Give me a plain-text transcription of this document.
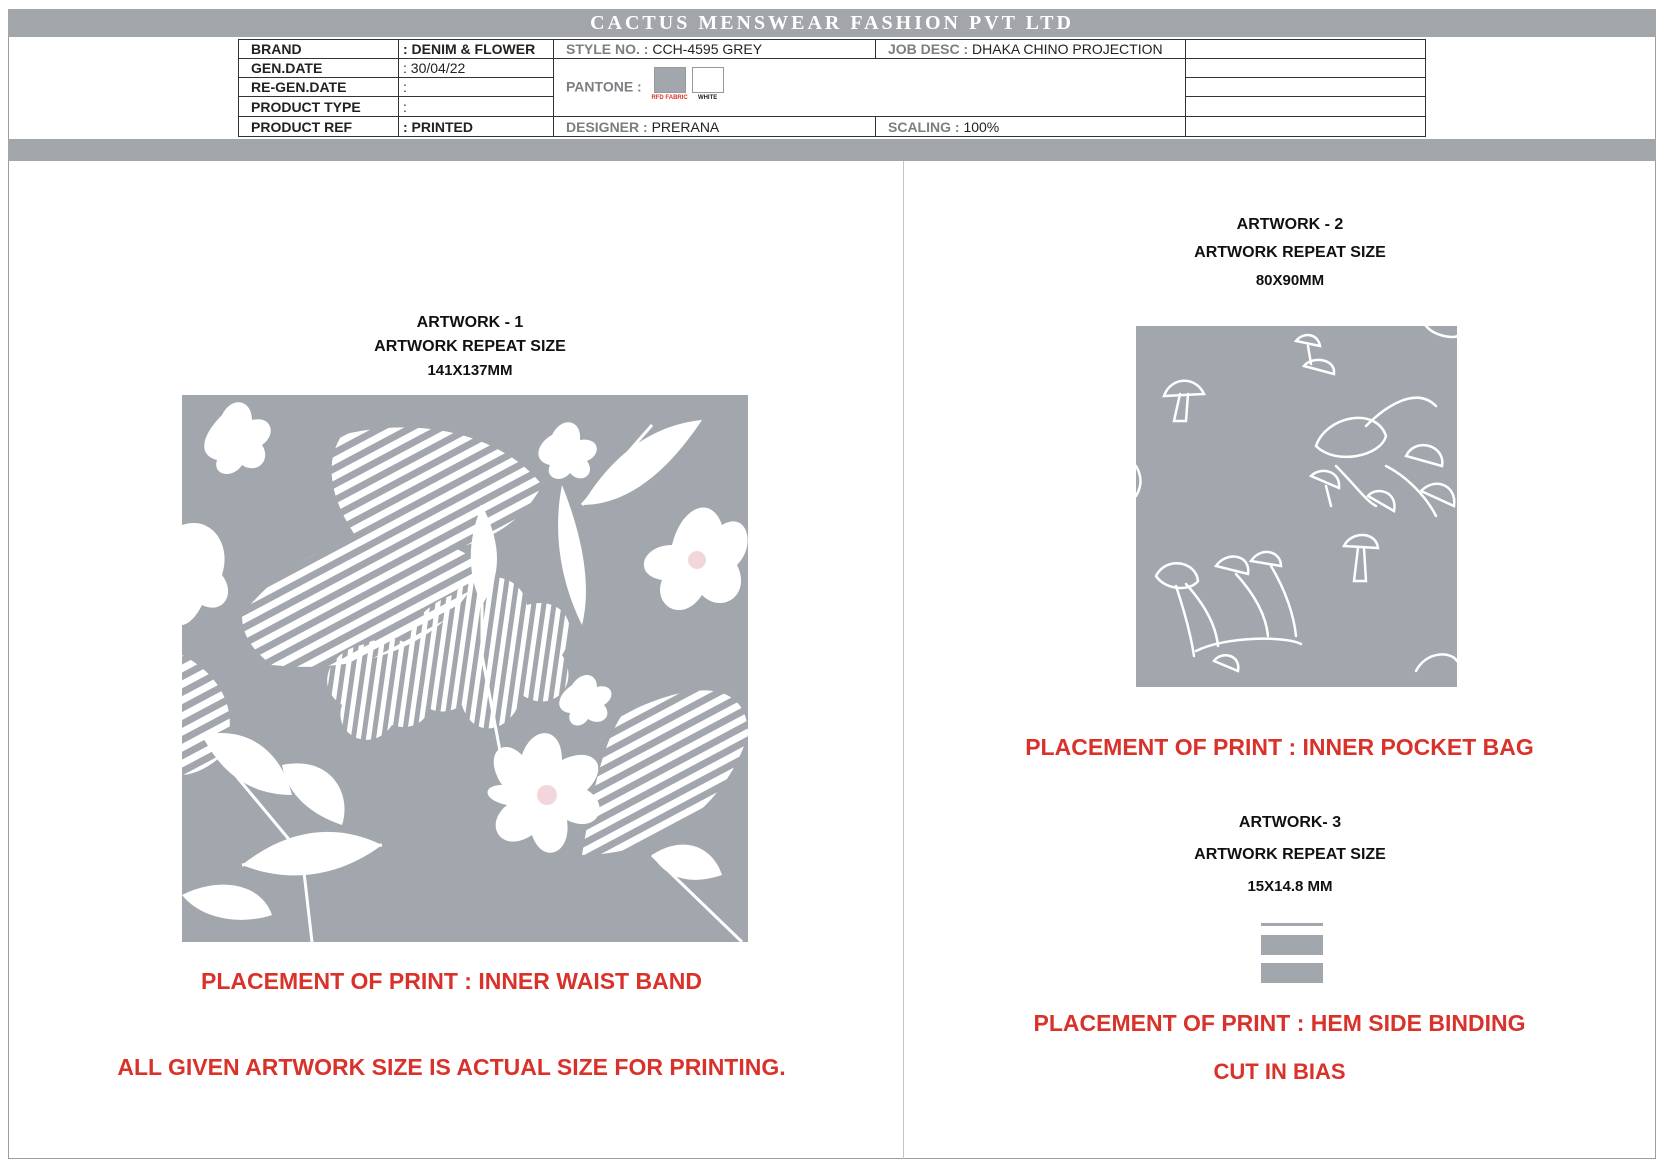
CACTUS MENSWEAR FASHION PVT LTD
BRAND	: DENIM & FLOWER	STYLE NO. : CCH-4595 GREY	JOB DESC : DHAKA CHINO PROJECTION	
GEN.DATE	: 30/04/22	PANTONE :
RFD FABRIC WHITE		

RE-GEN.DATE	:			
PRODUCT TYPE	:			
PRODUCT REF	: PRINTED	DESIGNER : PRERANA	SCALING : 100%	
ARTWORK - 1
ARTWORK REPEAT SIZE
141X137MM
PLACEMENT OF PRINT : INNER WAIST BAND
ALL GIVEN ARTWORK SIZE IS ACTUAL SIZE FOR PRINTING.
ARTWORK - 2
ARTWORK REPEAT SIZE
80X90MM
PLACEMENT OF PRINT : INNER POCKET BAG
ARTWORK- 3
ARTWORK REPEAT SIZE
15X14.8 MM
PLACEMENT OF PRINT : HEM SIDE BINDING
CUT IN BIAS
